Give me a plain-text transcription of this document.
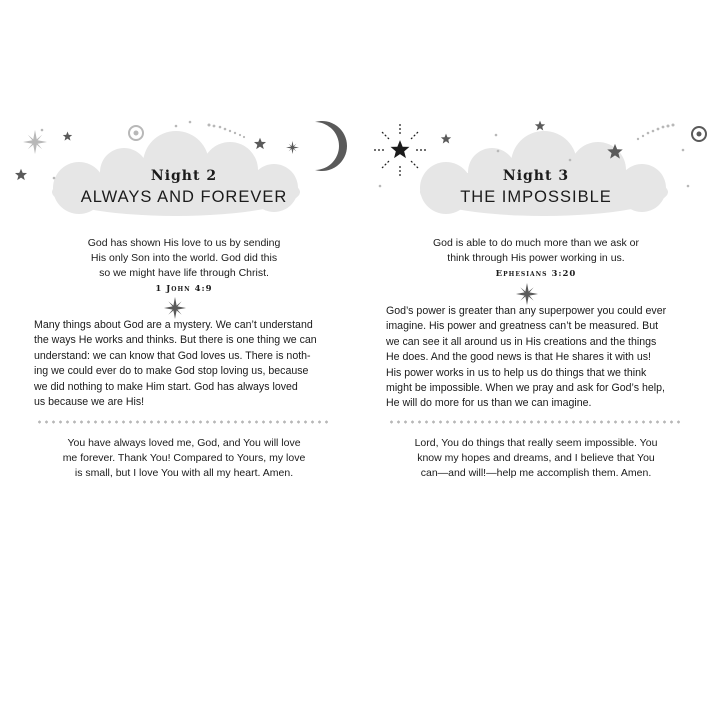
Night 2
ALWAYS AND FOREVER
God has shown His love to us by sending
His only Son into the world. God did this
so we might have life through Christ.
1 John 4:9
Many things about God are a mystery. We can’t understand
the ways He works and thinks. But there is one thing we can
understand: we can know that God loves us. There is noth-
ing we could ever do to make God stop loving us, because
we did nothing to make Him start. God has always loved
us because we are His!
You have always loved me, God, and You will love
me forever. Thank You! Compared to Yours, my love
is small, but I love You with all my heart. Amen.
Night 3
THE IMPOSSIBLE
God is able to do much more than we ask or
think through His power working in us.
Ephesians 3:20
God’s power is greater than any superpower you could ever
imagine. His power and greatness can’t be measured. But
we can see it all around us in His creations and the things
He does. And the good news is that He shares it with us!
His power works in us to help us do things that we think
might be impossible. When we pray and ask for God’s help,
He will do more for us than we can imagine.
Lord, You do things that really seem impossible. You
know my hopes and dreams, and I believe that You
can—and will!—help me accomplish them. Amen.
